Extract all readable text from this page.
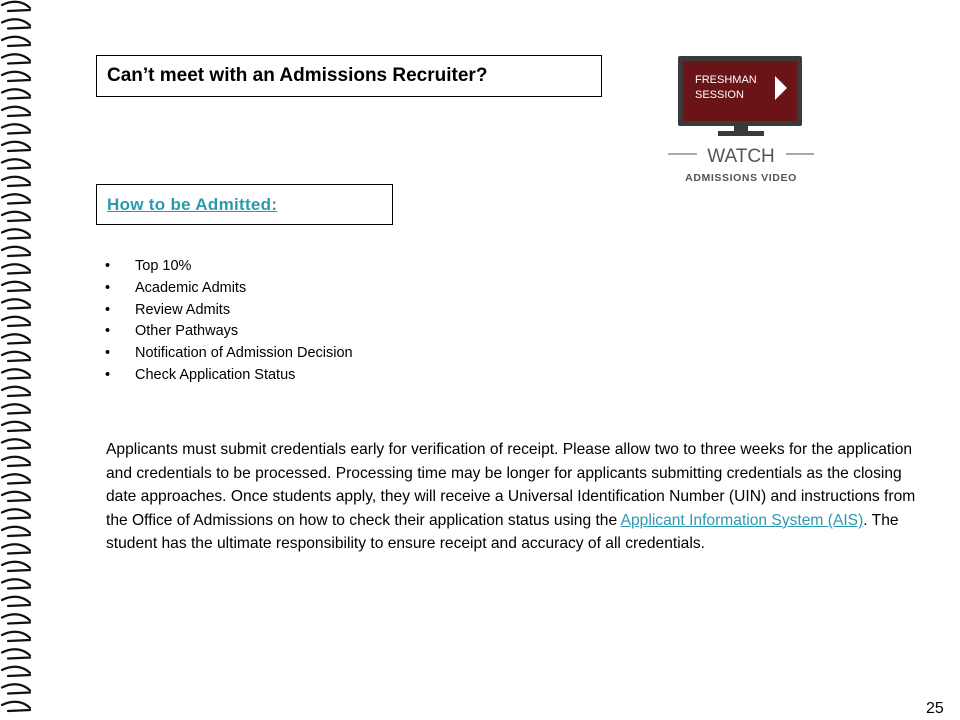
Can’t meet with an Admissions Recruiter?	FRESHMAN
SESSION
WATCH
ADMISSIONS VIDEO
How to be Admitted:
• Top 10%
• Academic Admits
• Review Admits
• Other Pathways
• Notification of Admission Decision
• Check Application Status

Applicants must submit credentials early for verification of receipt. Please allow two to three weeks for the application and credentials to be processed. Processing time may be longer for applicants submitting credentials as the closing date approaches. Once students apply, they will receive a Universal Identification Number (UIN) and instructions from the Office of Admissions on how to check their application status using the Applicant Information System (AIS). The student has the ultimate responsibility to ensure receipt and accuracy of all credentials.

25
